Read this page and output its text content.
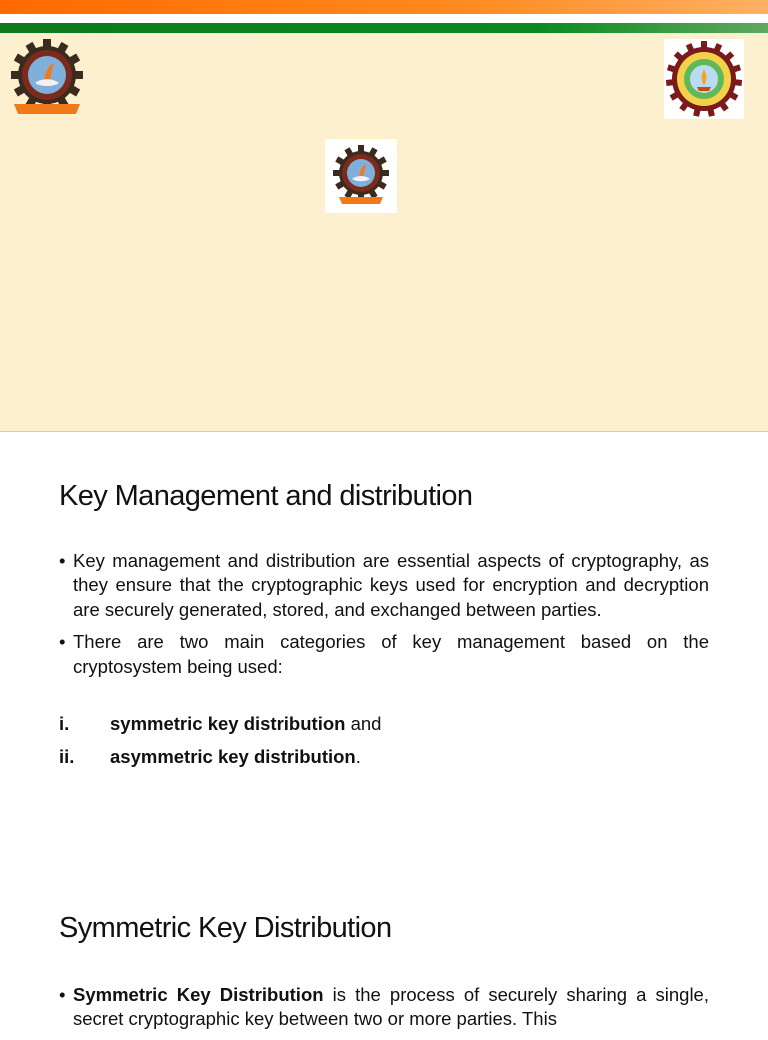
Key Management and distribution
• Key management and distribution are essential aspects of cryptography, as they ensure that the cryptographic keys used for encryption and decryption are securely generated, stored, and exchanged between parties.
• There are two main categories of key management based on the cryptosystem being used:
i. symmetric key distribution and
ii. asymmetric key distribution.
Symmetric Key Distribution
• Symmetric Key Distribution is the process of securely sharing a single, secret cryptographic key between two or more parties. This
